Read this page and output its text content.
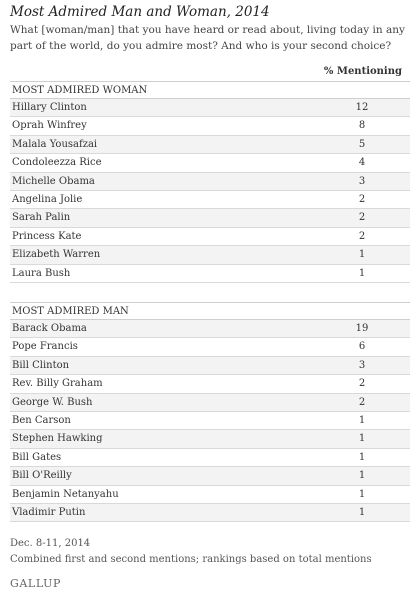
Most Admired Man and Woman, 2014
What [woman/man] that you have heard or read about, living today in any part of the world, do you admire most? And who is your second choice?
% Mentioning
MOST ADMIRED WOMAN
Hillary Clinton	12
Oprah Winfrey	8
Malala Yousafzai	5
Condoleezza Rice	4
Michelle Obama	3
Angelina Jolie	2
Sarah Palin	2
Princess Kate	2
Elizabeth Warren	1
Laura Bush	1
MOST ADMIRED MAN
Barack Obama	19
Pope Francis	6
Bill Clinton	3
Rev. Billy Graham	2
George W. Bush	2
Ben Carson	1
Stephen Hawking	1
Bill Gates	1
Bill O'Reilly	1
Benjamin Netanyahu	1
Vladimir Putin	1
Dec. 8-11, 2014
Combined first and second mentions; rankings based on total mentions
GALLUP
